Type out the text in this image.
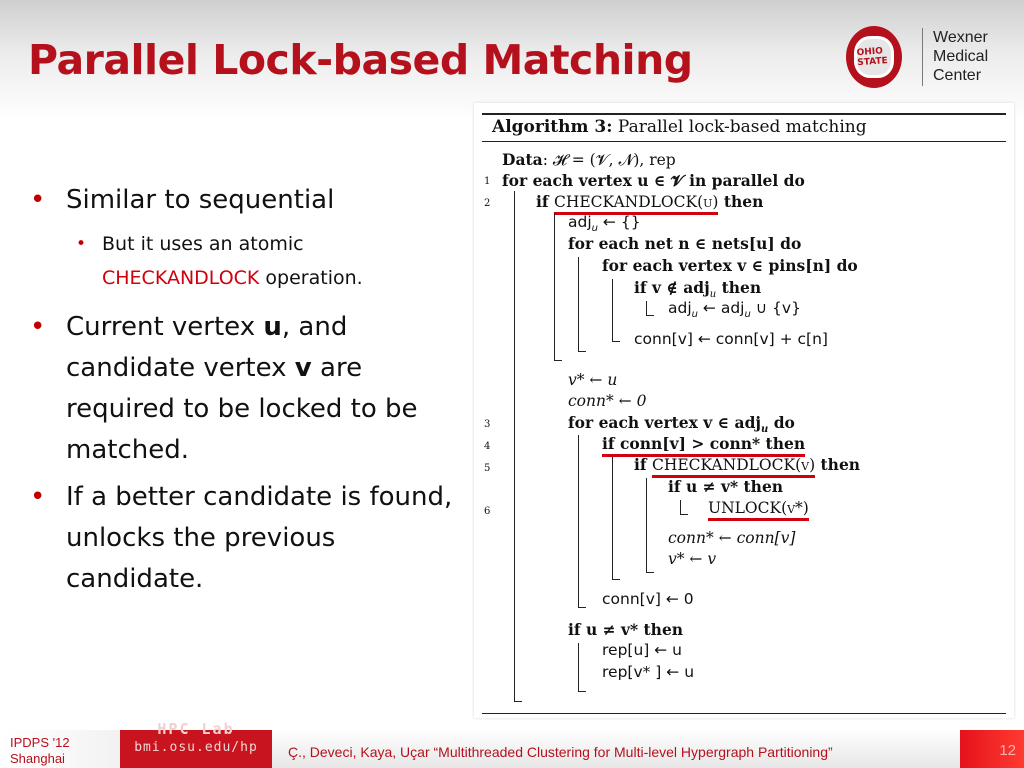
Parallel Lock-based Matching	OHIO STATE
Wexner
Medical
Center
• Similar to sequential
• But it uses an atomic
CHECKANDLOCK operation.
• Current vertex u, and candidate vertex v are required to be locked to be matched.
• If a better candidate is found, unlocks the previous candidate.
Algorithm 3: Parallel lock-based matching
Data: 𝓗 = (𝓥, 𝓝), rep
1 for each vertex u ∈ 𝓥 in parallel do
2	if CHECKANDLOCK(u) then
adj$_u$ ← {}
for each net n ∈ nets[u] do
for each vertex v ∈ pins[n] do
if v ∉ adj$_u$ then
adj$_u$ ← adj$_u$ ∪ {v}
conn[v] ← conn[v] + c[n]
v* ← u
conn* ← 0
3	for each vertex v ∈ adj$_u$ do
4	if conn[v] > conn* then
5	if CHECKANDLOCK(v) then
if u ≠ v* then
6	UNLOCK(v*)
conn* ← conn[v]
v* ← v
conn[v] ← 0
if u ≠ v* then
rep[u] ← u
rep[v* ] ← u
IPDPS '12
Shanghai
HPC Lab
bmi.osu.edu/hp	Ç., Deveci, Kaya, Uçar “Multithreaded Clustering for Multi-level Hypergraph Partitioning”	12
